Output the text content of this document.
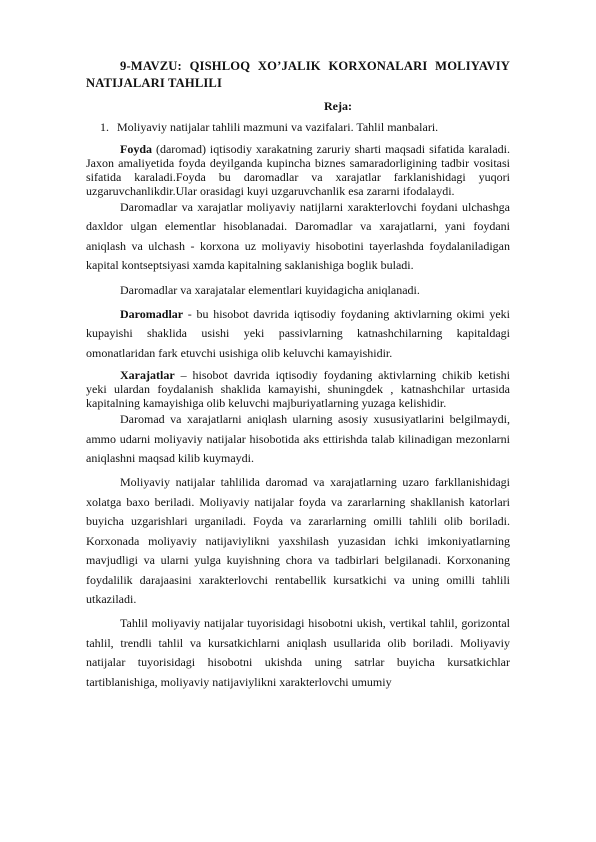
9-MAVZU: QISHLOQ XO’JALIK KORXONALARI MOLIYAVIY NATIJALARI TAHLILI
Reja:
1. Moliyaviy natijalar tahlili mazmuni va vazifalari. Tahlil manbalari.

Foyda (daromad) iqtisodiy xarakatning zaruriy sharti maqsadi sifatida karaladi. Jaxon amaliyetida foyda deyilganda kupincha biznes samaradorligining tadbir vositasi sifatida karaladi.Foyda bu daromadlar va xarajatlar farklanishidagi yuqori uzgaruvchanlikdir.Ular orasidagi kuyi uzgaruvchanlik esa zararni ifodalaydi.

Daromadlar va xarajatlar moliyaviy natijlarni xarakterlovchi foydani ulchashga daxldor ulgan elementlar hisoblanadai. Daromadlar va xarajatlarni, yani foydani aniqlash va ulchash - korxona uz moliyaviy hisobotini tayerlashda foydalaniladigan kapital kontseptsiyasi xamda kapitalning saklanishiga boglik buladi.

Daromadlar va xarajatalar elementlari kuyidagicha aniqlanadi.

Daromadlar - bu hisobot davrida iqtisodiy foydaning aktivlarning okimi yeki kupayishi shaklida usishi yeki passivlarning katnashchilarning kapitaldagi omonatlaridan fark etuvchi usishiga olib keluvchi kamayishidir.

Xarajatlar – hisobot davrida iqtisodiy foydaning aktivlarning chikib ketishi yeki ulardan foydalanish shaklida kamayishi, shuningdek , katnashchilar urtasida kapitalning kamayishiga olib keluvchi majburiyatlarning yuzaga kelishidir.

Daromad va xarajatlarni aniqlash ularning asosiy xususiyatlarini belgilmaydi, ammo udarni moliyaviy natijalar hisobotida aks ettirishda talab kilinadigan mezonlarni aniqlashni maqsad kilib kuymaydi.

Moliyaviy natijalar tahlilida daromad va xarajatlarning uzaro farkllanishidagi xolatga baxo beriladi. Moliyaviy natijalar foyda va zararlarning shakllanish katorlari buyicha uzgarishlari urganiladi. Foyda va zararlarning omilli tahlili olib boriladi. Korxonada moliyaviy natijaviylikni yaxshilash yuzasidan ichki imkoniyatlarning mavjudligi va ularni yulga kuyishning chora va tadbirlari belgilanadi. Korxonaning foydalilik darajaasini xarakterlovchi rentabellik kursatkichi va uning omilli tahlili utkaziladi.

Tahlil moliyaviy natijalar tuyorisidagi hisobotni ukish, vertikal tahlil, gorizontal tahlil, trendli tahlil va kursatkichlarni aniqlash usullarida olib boriladi. Moliyaviy natijalar tuyorisidagi hisobotni ukishda uning satrlar buyicha kursatkichlar tartiblanishiga, moliyaviy natijaviylikni xarakterlovchi umumiy
